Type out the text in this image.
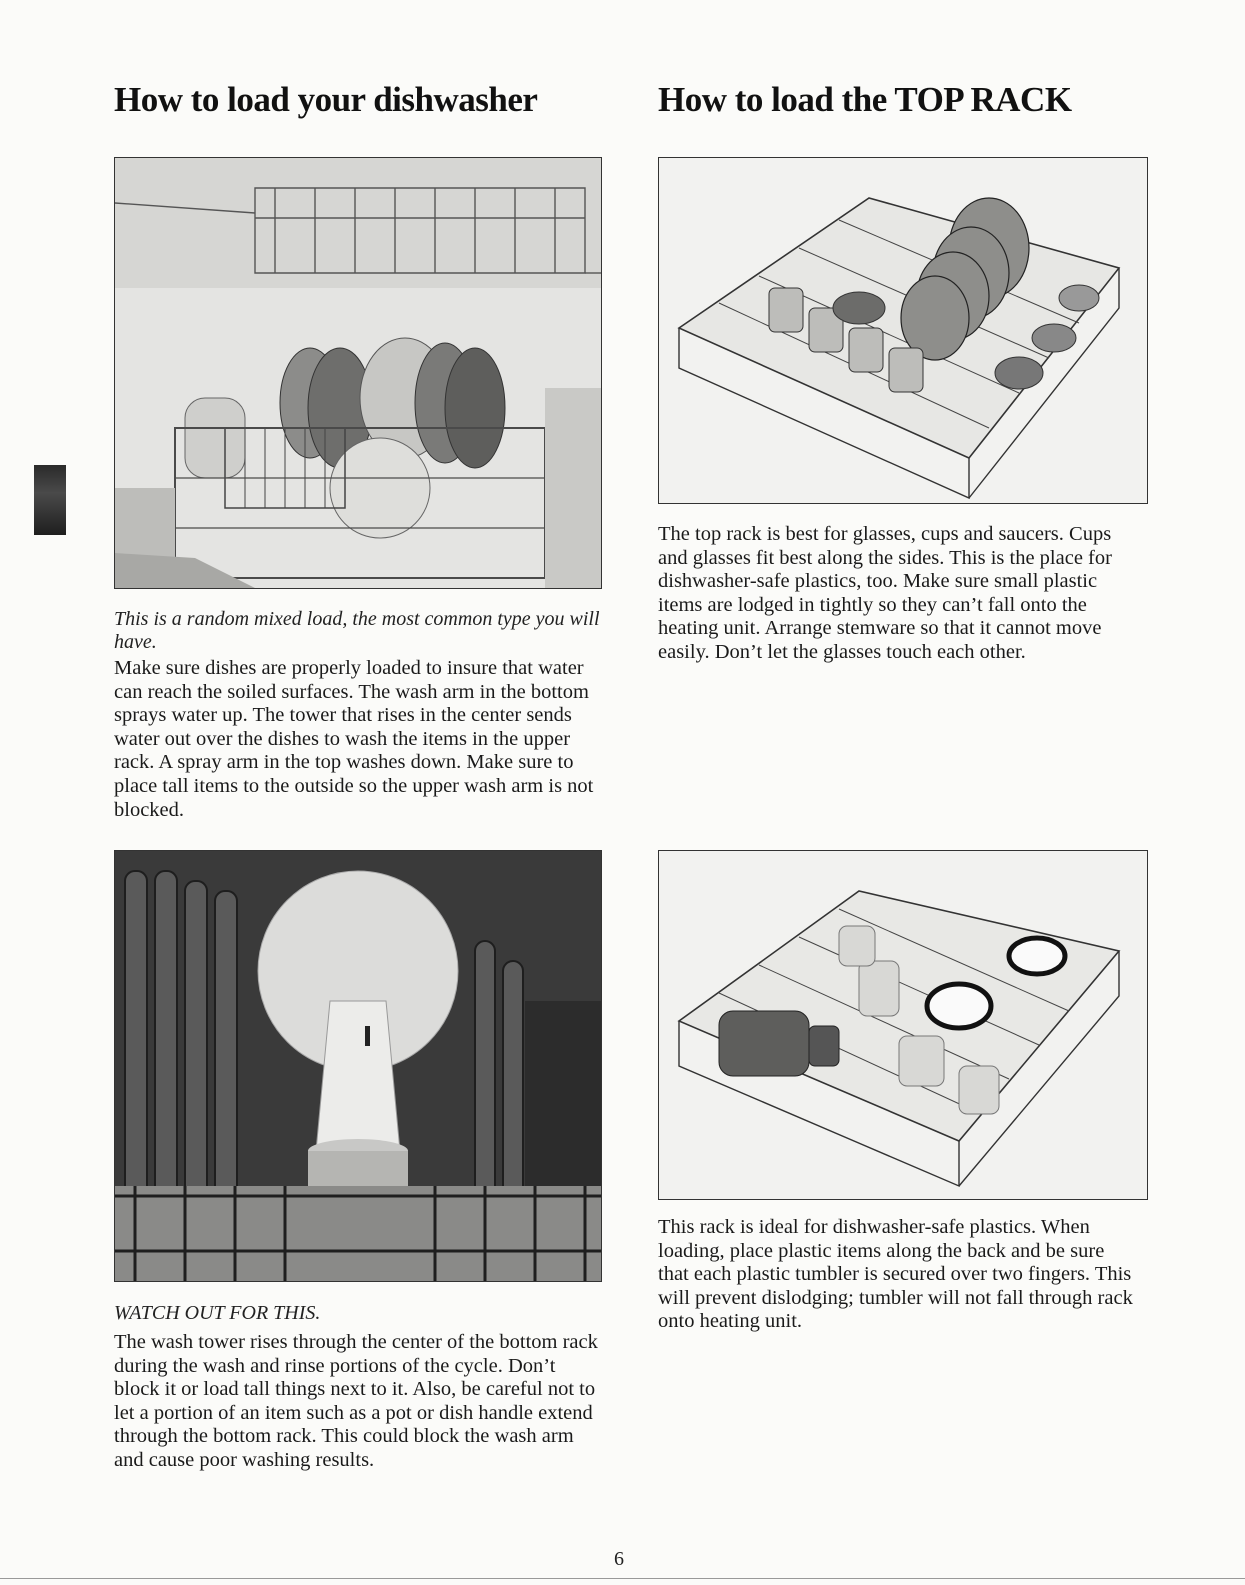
How to load your dishwasher	How to load the TOP RACK

This is a random mixed load, the most common type you will have.

Make sure dishes are properly loaded to insure that water can reach the soiled surfaces. The wash arm in the bottom sprays water up. The tower that rises in the center sends water out over the dishes to wash the items in the upper rack. A spray arm in the top washes down. Make sure to place tall items to the outside so the upper wash arm is not blocked.

The top rack is best for glasses, cups and saucers. Cups and glasses fit best along the sides. This is the place for dishwasher-safe plastics, too. Make sure small plastic items are lodged in tightly so they can’t fall onto the heating unit. Arrange stemware so that it cannot move easily. Don’t let the glasses touch each other.

WATCH OUT FOR THIS.

The wash tower rises through the center of the bottom rack during the wash and rinse portions of the cycle. Don’t block it or load tall things next to it. Also, be careful not to let a portion of an item such as a pot or dish handle extend through the bottom rack. This could block the wash arm and cause poor washing results.

This rack is ideal for dishwasher-safe plastics. When loading, place plastic items along the back and be sure that each plastic tumbler is secured over two fingers. This will prevent dislodging; tumbler will not fall through rack onto heating unit.

6
